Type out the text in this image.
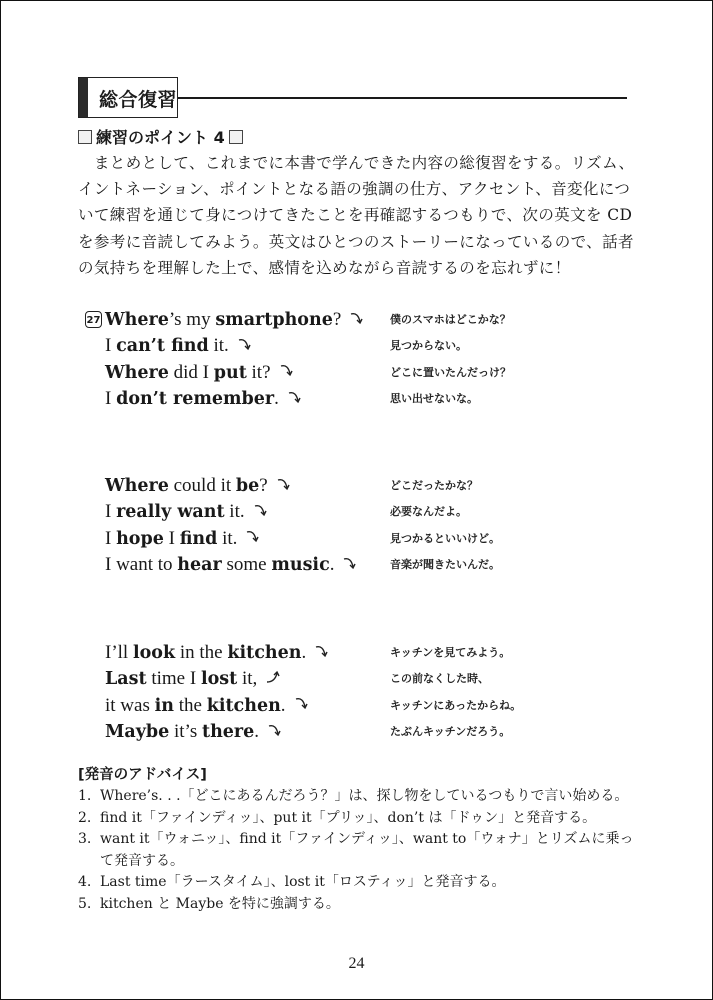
総合復習
練習のポイント 4

　まとめとして、これまでに本書で学んできた内容の総復習をする。リズム、

イントネーション、ポイントとなる語の強調の仕方、アクセント、音変化につ

いて練習を通じて身につけてきたことを再確認するつもりで、次の英文を CD

を参考に音読してみよう。英文はひとつのストーリーになっているので、話者

の気持ちを理解した上で、感情を込めながら音読するのを忘れずに！

27 Where’s my smartphone?	僕のスマホはどこかな？
I can’t find it.	見つからない。
Where did I put it?	どこに置いたんだっけ？
I don’t remember.	思い出せないな。
Where could it be?	どこだったかな？
I really want it.	必要なんだよ。
I hope I find it.	見つかるといいけど。
I want to hear some music.	音楽が聞きたいんだ。
I’ll look in the kitchen.	キッチンを見てみよう。
Last time I lost it,	この前なくした時、
it was in the kitchen.	キッチンにあったからね。
Maybe it’s there.	たぶんキッチンだろう。
[発音のアドバイス]
1. Where’s. . .「どこにあるんだろう？」は、探し物をしているつもりで言い始める。
2. find it「ファインディッ」、put it「プリッ」、don’t は「ドゥン」と発音する。
3. want it「ウォニッ」、find it「ファインディッ」、want to「ウォナ」とリズムに乗って発音する。
4. Last time「ラースタイム」、lost it「ロスティッ」と発音する。
5. kitchen と Maybe を特に強調する。
24
